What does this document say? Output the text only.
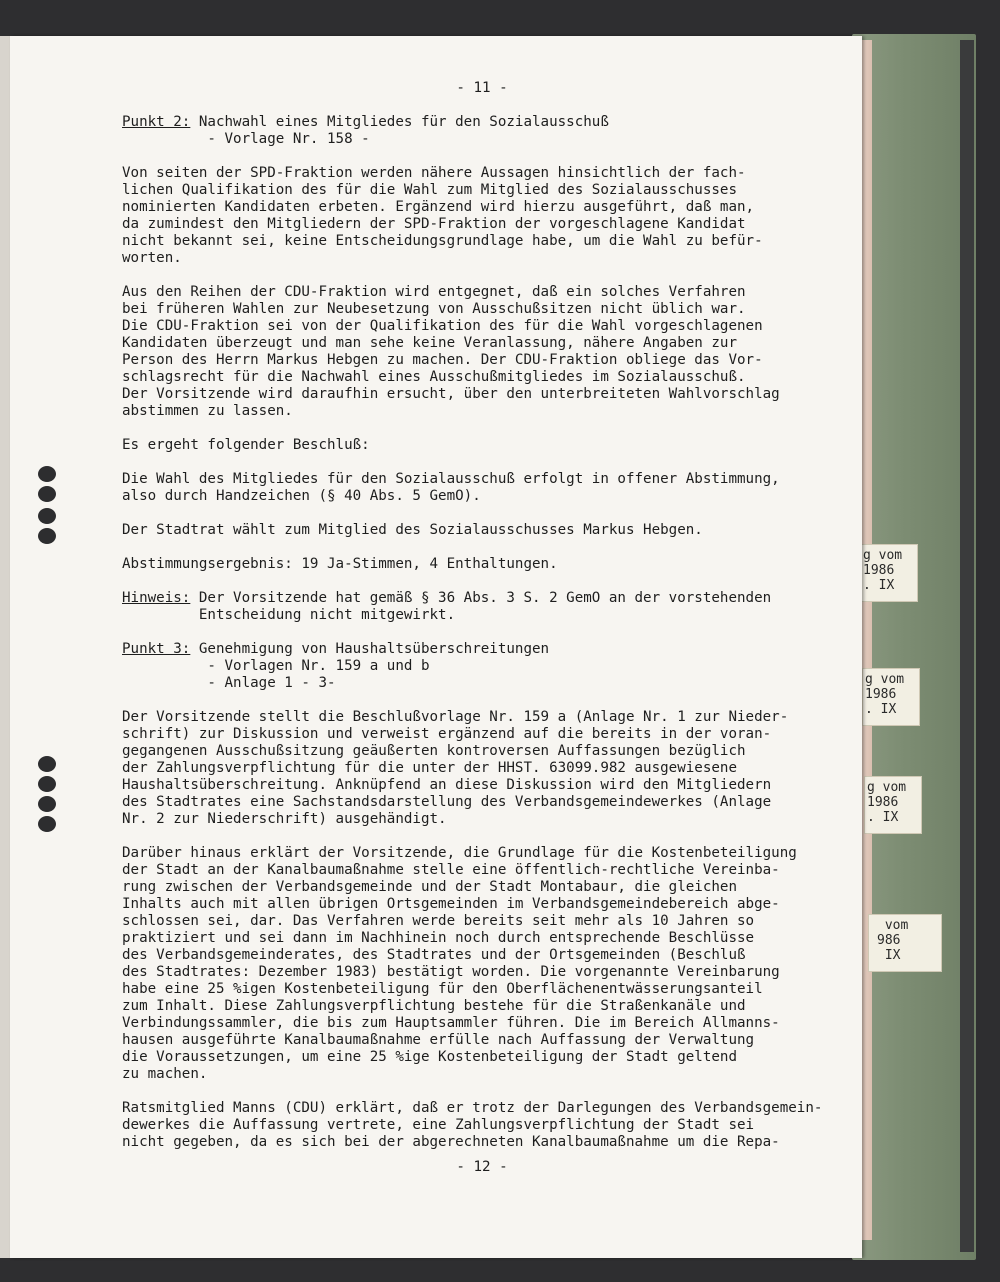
g vom
1986
. IX
g vom
1986
. IX
g vom
1986
. IX
vom
986
IX

- 11 -

Punkt 2: Nachwahl eines Mitgliedes für den Sozialausschuß

- Vorlage Nr. 158 -

Von seiten der SPD-Fraktion werden nähere Aussagen hinsichtlich der fach-

lichen Qualifikation des für die Wahl zum Mitglied des Sozialausschusses

nominierten Kandidaten erbeten. Ergänzend wird hierzu ausgeführt, daß man,

da zumindest den Mitgliedern der SPD-Fraktion der vorgeschlagene Kandidat

nicht bekannt sei, keine Entscheidungsgrundlage habe, um die Wahl zu befür-

worten.

Aus den Reihen der CDU-Fraktion wird entgegnet, daß ein solches Verfahren

bei früheren Wahlen zur Neubesetzung von Ausschußsitzen nicht üblich war.

Die CDU-Fraktion sei von der Qualifikation des für die Wahl vorgeschlagenen

Kandidaten überzeugt und man sehe keine Veranlassung, nähere Angaben zur

Person des Herrn Markus Hebgen zu machen. Der CDU-Fraktion obliege das Vor-

schlagsrecht für die Nachwahl eines Ausschußmitgliedes im Sozialausschuß.

Der Vorsitzende wird daraufhin ersucht, über den unterbreiteten Wahlvorschlag

abstimmen zu lassen.

Es ergeht folgender Beschluß:

Die Wahl des Mitgliedes für den Sozialausschuß erfolgt in offener Abstimmung,

also durch Handzeichen (§ 40 Abs. 5 GemO).

Der Stadtrat wählt zum Mitglied des Sozialausschusses Markus Hebgen.

Abstimmungsergebnis: 19 Ja-Stimmen, 4 Enthaltungen.

Hinweis: Der Vorsitzende hat gemäß § 36 Abs. 3 S. 2 GemO an der vorstehenden

Entscheidung nicht mitgewirkt.

Punkt 3: Genehmigung von Haushaltsüberschreitungen

- Vorlagen Nr. 159 a und b

- Anlage 1 - 3-

Der Vorsitzende stellt die Beschlußvorlage Nr. 159 a (Anlage Nr. 1 zur Nieder-

schrift) zur Diskussion und verweist ergänzend auf die bereits in der voran-

gegangenen Ausschußsitzung geäußerten kontroversen Auffassungen bezüglich

der Zahlungsverpflichtung für die unter der HHST. 63099.982 ausgewiesene

Haushaltsüberschreitung. Anknüpfend an diese Diskussion wird den Mitgliedern

des Stadtrates eine Sachstandsdarstellung des Verbandsgemeindewerkes (Anlage

Nr. 2 zur Niederschrift) ausgehändigt.

Darüber hinaus erklärt der Vorsitzende, die Grundlage für die Kostenbeteiligung

der Stadt an der Kanalbaumaßnahme stelle eine öffentlich-rechtliche Vereinba-

rung zwischen der Verbandsgemeinde und der Stadt Montabaur, die gleichen

Inhalts auch mit allen übrigen Ortsgemeinden im Verbandsgemeindebereich abge-

schlossen sei, dar. Das Verfahren werde bereits seit mehr als 10 Jahren so

praktiziert und sei dann im Nachhinein noch durch entsprechende Beschlüsse

des Verbandsgemeinderates, des Stadtrates und der Ortsgemeinden (Beschluß

des Stadtrates: Dezember 1983) bestätigt worden. Die vorgenannte Vereinbarung

habe eine 25 %igen Kostenbeteiligung für den Oberflächenentwässerungsanteil

zum Inhalt. Diese Zahlungsverpflichtung bestehe für die Straßenkanäle und

Verbindungssammler, die bis zum Hauptsammler führen. Die im Bereich Allmanns-

hausen ausgeführte Kanalbaumaßnahme erfülle nach Auffassung der Verwaltung

die Voraussetzungen, um eine 25 %ige Kostenbeteiligung der Stadt geltend

zu machen.

Ratsmitglied Manns (CDU) erklärt, daß er trotz der Darlegungen des Verbandsgemein-

dewerkes die Auffassung vertrete, eine Zahlungsverpflichtung der Stadt sei

nicht gegeben, da es sich bei der abgerechneten Kanalbaumaßnahme um die Repa-

- 12 -
